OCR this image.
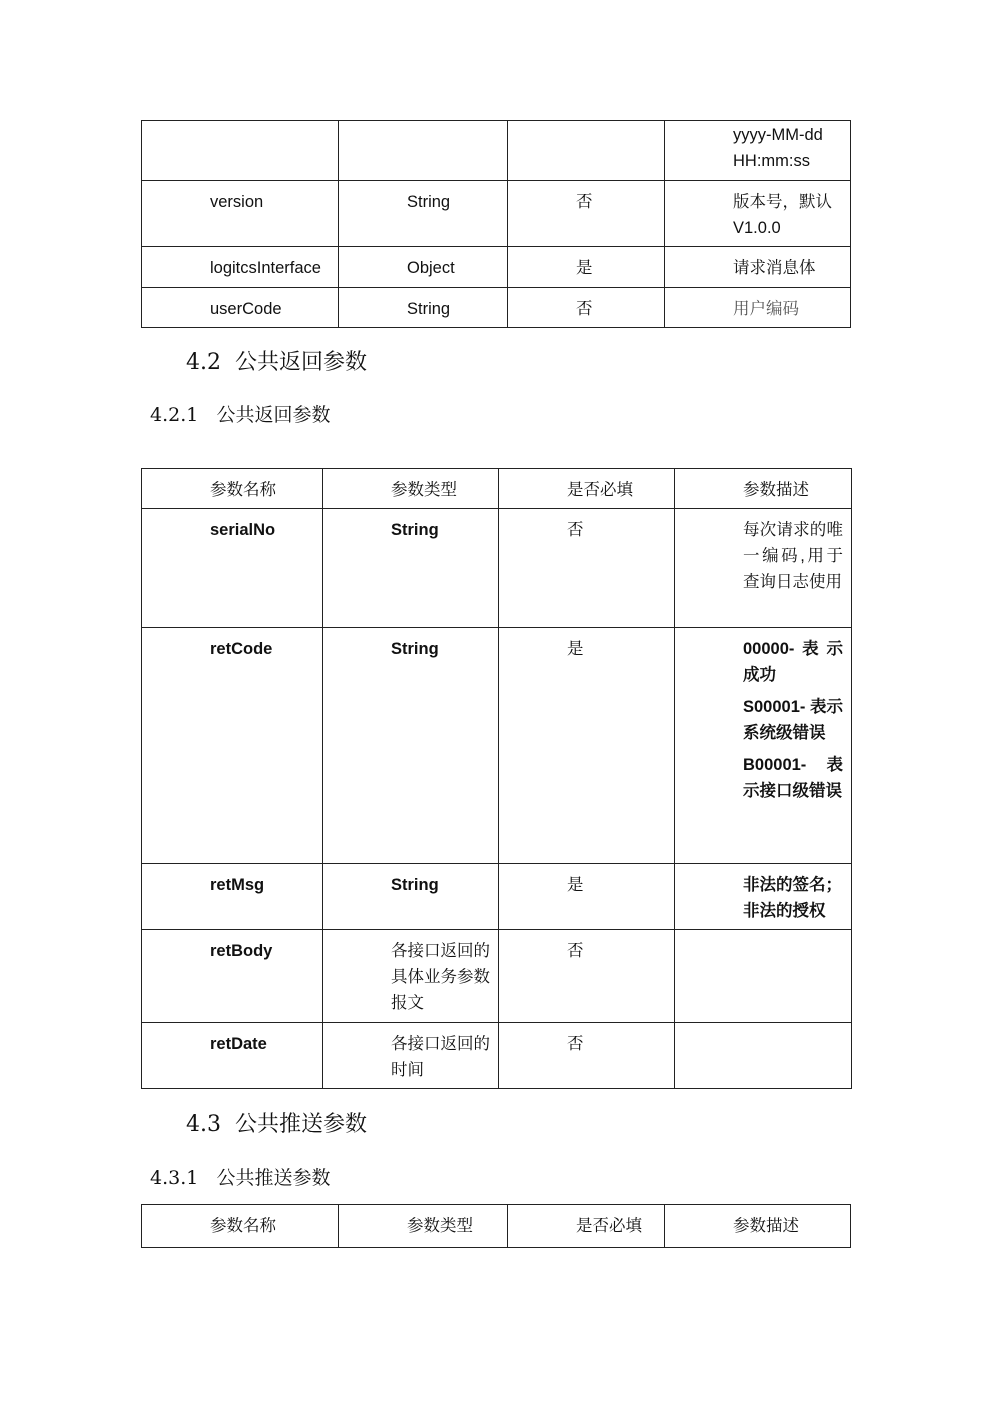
			yyyy-MM-dd HH:mm:ss

version	String	否	版本号，默认V1.0.0

logitcsInterface	Object	是	请求消息体

userCode	String	否	用户编码
4.2 公共返回参数
4.2.1 公共返回参数
参数名称	参数类型	是否必填	参数描述

serialNo	String	否	每次请求的唯一编码,用于查询日志使用

retCode	String	是	00000-表示成功
S00001- 表示系统级错误
B00001- 表示接口级错误

retMsg	String	是	非法的签名；非法的授权

retBody	各接口返回的具体业务参数报文	否	

retDate	各接口返回的时间	否	

4.3 公共推送参数
4.3.1 公共推送参数
参数名称	参数类型	是否必填	参数描述
